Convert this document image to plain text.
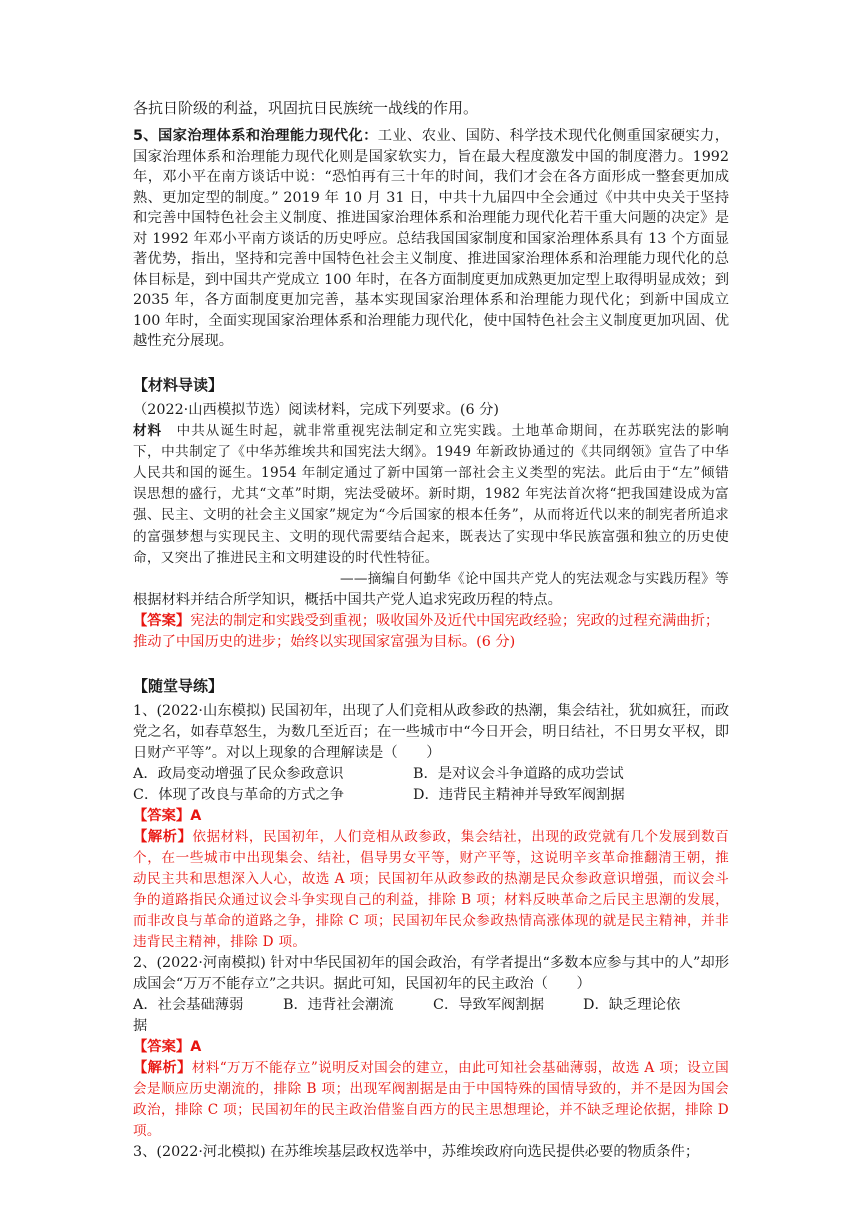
各抗日阶级的利益，巩固抗日民族统一战线的作用。

5、国家治理体系和治理能力现代化：工业、农业、国防、科学技术现代化侧重国家硬实力，国家治理体系和治理能力现代化则是国家软实力，旨在最大程度激发中国的制度潜力。1992 年，邓小平在南方谈话中说：“恐怕再有三十年的时间，我们才会在各方面形成一整套更加成熟、更加定型的制度。” 2019 年 10 月 31 日，中共十九届四中全会通过《中共中央关于坚持和完善中国特色社会主义制度、推进国家治理体系和治理能力现代化若干重大问题的决定》是对 1992 年邓小平南方谈话的历史呼应。总结我国国家制度和国家治理体系具有 13 个方面显著优势，指出，坚持和完善中国特色社会主义制度、推进国家治理体系和治理能力现代化的总体目标是，到中国共产党成立 100 年时，在各方面制度更加成熟更加定型上取得明显成效；到 2035 年，各方面制度更加完善，基本实现国家治理体系和治理能力现代化；到新中国成立 100 年时，全面实现国家治理体系和治理能力现代化，使中国特色社会主义制度更加巩固、优越性充分展现。

【材料导读】

（2022·山西模拟节选）阅读材料，完成下列要求。(6 分)

材料　 中共从诞生时起，就非常重视宪法制定和立宪实践。土地革命期间，在苏联宪法的影响下，中共制定了《中华苏维埃共和国宪法大纲》。1949 年新政协通过的《共同纲领》宣告了中华人民共和国的诞生。1954 年制定通过了新中国第一部社会主义类型的宪法。此后由于“左”倾错误思想的盛行，尤其“文革”时期，宪法受破坏。新时期，1982 年宪法首次将“把我国建设成为富强、民主、文明的社会主义国家”规定为“今后国家的根本任务”，从而将近代以来的制宪者所追求的富强梦想与实现民主、文明的现代需要结合起来，既表达了实现中华民族富强和独立的历史使命，又突出了推进民主和文明建设的时代性特征。

——摘编自何勤华《论中国共产党人的宪法观念与实践历程》等

根据材料并结合所学知识，概括中国共产党人追求宪政历程的特点。

【答案】宪法的制定和实践受到重视；吸收国外及近代中国宪政经验；宪政的过程充满曲折；推动了中国历史的进步；始终以实现国家富强为目标。(6 分)

【随堂导练】

1、(2022·山东模拟) 民国初年，出现了人们竞相从政参政的热潮，集会结社，犹如疯狂，而政党之名，如春草怒生，为数几至近百；在一些城市中“今日开会，明日结社，不日男女平权，即日财产平等”。对以上现象的合理解读是（　　）

A．政局变动增强了民众参政意识	B．是对议会斗争道路的成功尝试
C．体现了改良与革命的方式之争	D．违背民主精神并导致军阀割据

【答案】A

【解析】依据材料，民国初年，人们竞相从政参政，集会结社，出现的政党就有几个发展到数百个，在一些城市中出现集会、结社，倡导男女平等，财产平等，这说明辛亥革命推翻清王朝，推动民主共和思想深入人心，故选 A 项；民国初年从政参政的热潮是民众参政意识增强，而议会斗争的道路指民众通过议会斗争实现自己的利益，排除 B 项；材料反映革命之后民主思潮的发展，而非改良与革命的道路之争，排除 C 项；民国初年民众参政热情高涨体现的就是民主精神，并非违背民主精神，排除 D 项。

2、(2022·河南模拟) 针对中华民国初年的国会政治，有学者提出“多数本应参与其中的人”却形成国会“万万不能存立”之共识。据此可知，民国初年的民主政治（　　）

A．社会基础薄弱	B．违背社会潮流	C．导致军阀割据	D．缺乏理论依

据

【答案】A

【解析】材料“万万不能存立”说明反对国会的建立，由此可知社会基础薄弱，故选 A 项；设立国会是顺应历史潮流的，排除 B 项；出现军阀割据是由于中国特殊的国情导致的，并不是因为国会政治，排除 C 项；民国初年的民主政治借鉴自西方的民主思想理论，并不缺乏理论依据，排除 D 项。

3、(2022·河北模拟) 在苏维埃基层政权选举中，苏维埃政府向选民提供必要的物质条件；
